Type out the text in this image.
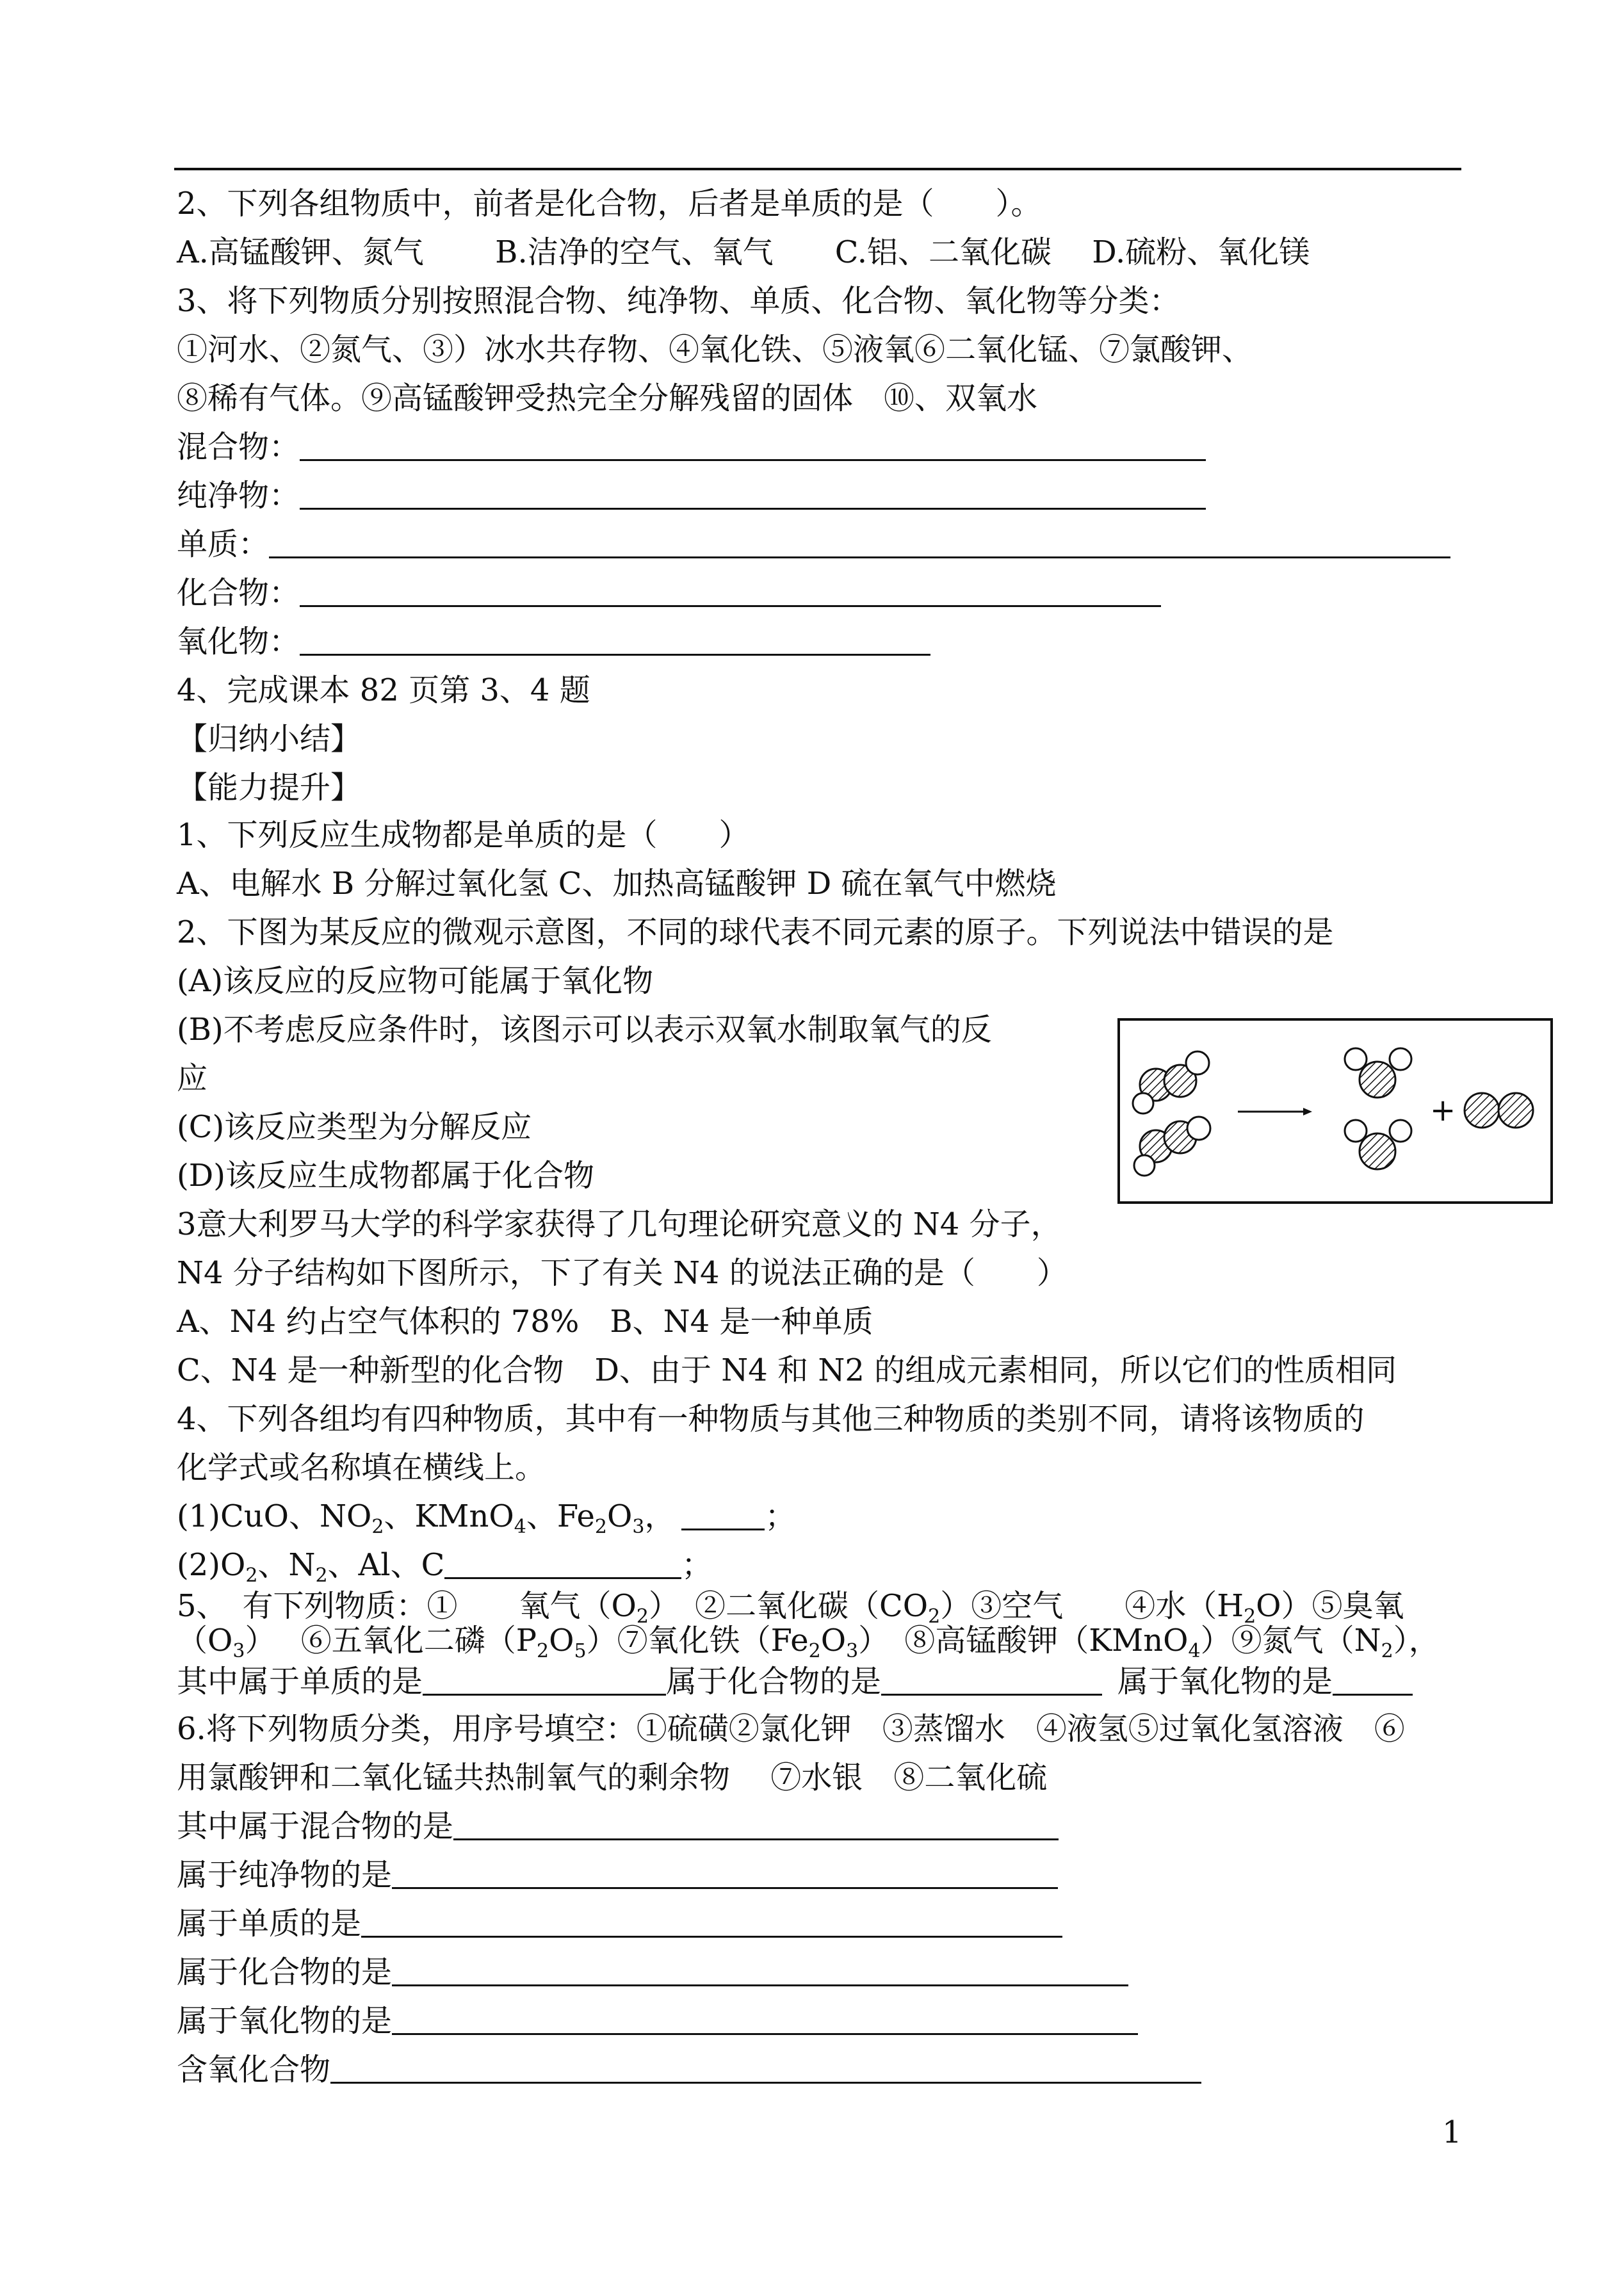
2、下列各组物质中，前者是化合物，后者是单质的是（　　）。
A.高锰酸钾、氮气　　 B.洁净的空气、氧气　　C.铝、二氧化碳　 D.硫粉、氧化镁
3、将下列物质分别按照混合物、纯净物、单质、化合物、氧化物等分类：
①河水、②氮气、③）冰水共存物、④氧化铁、⑤液氧⑥二氧化锰、⑦氯酸钾、
⑧稀有气体。⑨高锰酸钾受热完全分解残留的固体　⑩、双氧水
混合物：
纯净物：
单质：
化合物：
氧化物：
4、完成课本 82 页第 3、4 题
【归纳小结】
【能力提升】
1、下列反应生成物都是单质的是（　　）
A、电解水 B 分解过氧化氢 C、加热高锰酸钾 D 硫在氧气中燃烧
2、下图为某反应的微观示意图，不同的球代表不同元素的原子。下列说法中错误的是
(A)该反应的反应物可能属于氧化物
(B)不考虑反应条件时，该图示可以表示双氧水制取氧气的反
应
(C)该反应类型为分解反应
(D)该反应生成物都属于化合物
+
3意大利罗马大学的科学家获得了几句理论研究意义的 N4 分子，
N4 分子结构如下图所示，下了有关 N4 的说法正确的是（　　）
A、N4 约占空气体积的 78%　B、N4 是一种单质
C、N4 是一种新型的化合物　D、由于 N4 和 N2 的组成元素相同，所以它们的性质相同
4、下列各组均有四种物质，其中有一种物质与其他三种物质的类别不同，请将该物质的
化学式或名称填在横线上。
(1)CuO、$NO_2$、KMnO$_4$、$Fe_2O_3$，	；
$(2)O_2$、$N_2$、Al、C	；
5、　有下列物质：①　　氧气$(O_2)$　②二氧化碳$(CO_2)③$空气　　④水$(H_2O)⑤$臭氧
$(O_3)$　 ⑥五氧化二磷$(P_2O_5)⑦$氧化铁$(Fe_2O_3)$　⑧高锰酸钾（KMnO$_4$）⑨氮气$(N_2)$，
其中属于单质的是	属于化合物的是	属于氧化物的是
6.将下列物质分类，用序号填空：①硫磺②氯化钾　③蒸馏水　④液氢⑤过氧化氢溶液　⑥
用氯酸钾和二氧化锰共热制氧气的剩余物　 ⑦水银　⑧二氧化硫
其中属于混合物的是
属于纯净物的是
属于单质的是
属于化合物的是
属于氧化物的是
含氧化合物
1
